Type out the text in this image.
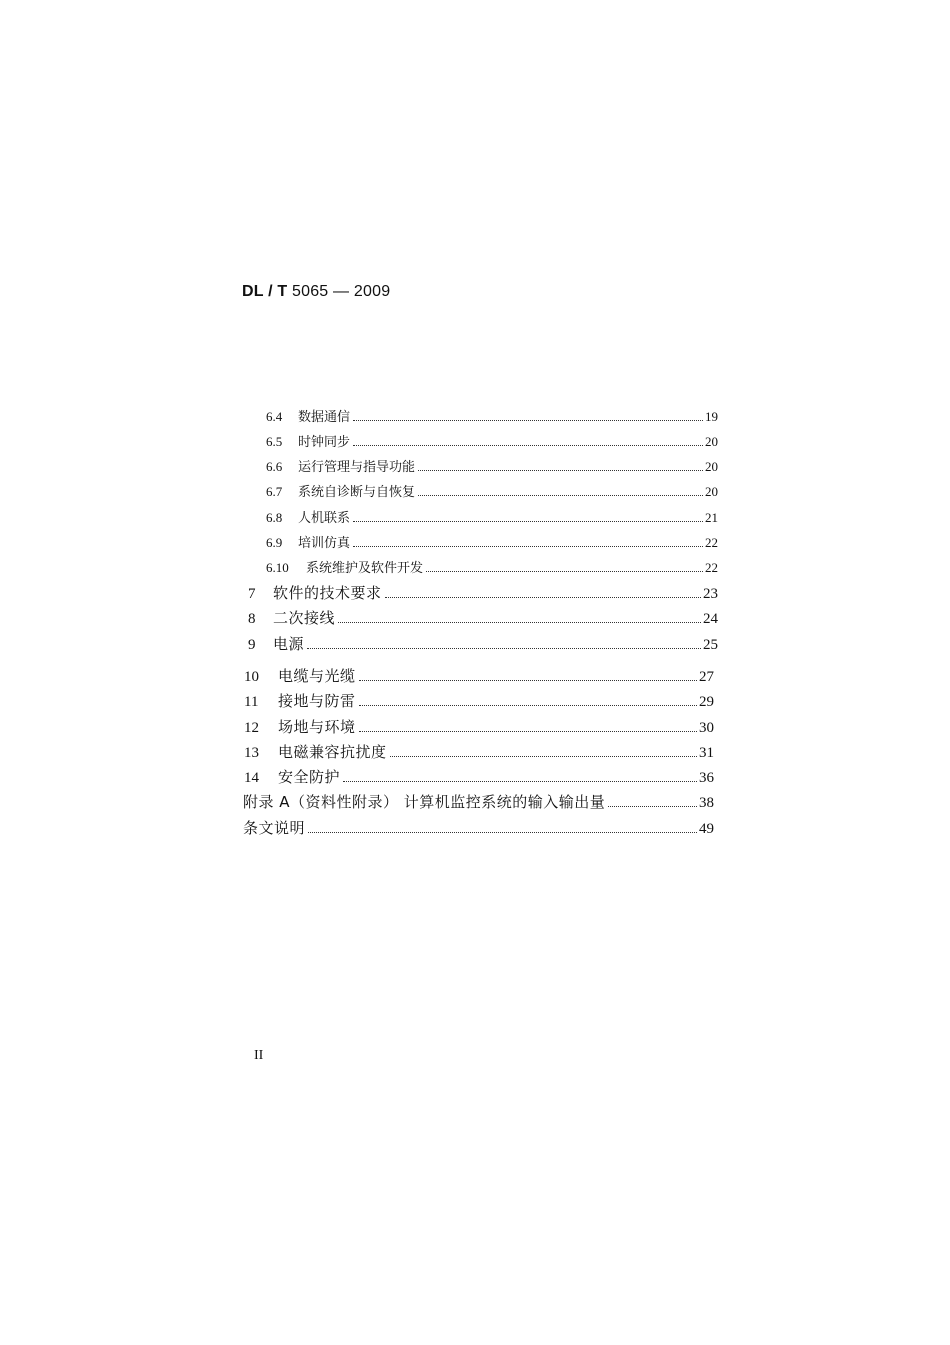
DL / T 5065 — 2009
6.4	数据通信	19
6.5	时钟同步	20
6.6	运行管理与指导功能	20
6.7	系统自诊断与自恢复	20
6.8	人机联系	21
6.9	培训仿真	22
6.10	系统维护及软件开发	22
7	软件的技术要求	23
8	二次接线	24
9	电源	25
10	电缆与光缆	27
11	接地与防雷	29
12	场地与环境	30
13	电磁兼容抗扰度	31
14	安全防护	36
附录 A（资料性附录） 计算机监控系统的输入输出量	38
条文说明	49
II
